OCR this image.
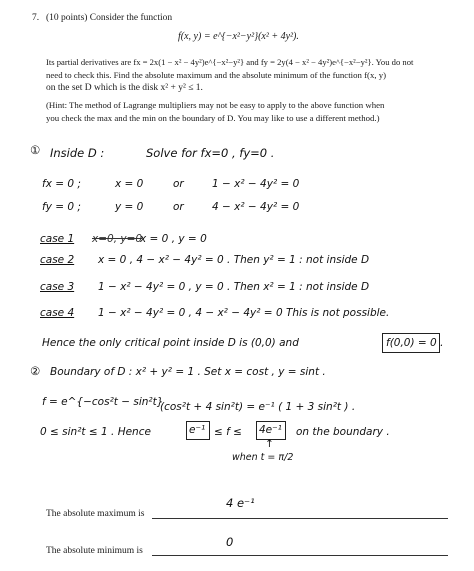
7. (10 points) Consider the function
f(x, y) = e^{−x²−y²}(x² + 4y²).
Its partial derivatives are fx = 2x(1 − x² − 4y²)e^{−x²−y²} and fy = 2y(4 − x² − 4y²)e^{−x²−y²}. You do not
need to check this. Find the absolute maximum and the absolute minimum of the function f(x, y)
on the set D which is the disk x² + y² ≤ 1.
(Hint: The method of Lagrange multipliers may not be easy to apply to the above function when
you check the max and the min on the boundary of D. You may like to use a different method.)
① Inside D :	Solve for fx=0 , fy=0 .
fx = 0 ;	x = 0	or	1 − x² − 4y² = 0
fy = 0 ;	y = 0	or	4 − x² − 4y² = 0
case 1 x=0, y=0
x = 0 , y = 0
case 2 x = 0 , 4 − x² − 4y² = 0 . Then y² = 1 : not inside D
case 3 1 − x² − 4y² = 0 , y = 0 . Then x² = 1 : not inside D
case 4 1 − x² − 4y² = 0 , 4 − x² − 4y² = 0 This is not possible.
Hence the only critical point inside D is (0,0) and	f(0,0) = 0 .
② Boundary of D : x² + y² = 1 . Set x = cost , y = sint .
f = e^{−cos²t − sin²t}
(cos²t + 4 sin²t) = e⁻¹ ( 1 + 3 sin²t ) .
0 ≤ sin²t ≤ 1 . Hence	e⁻¹ ≤ f ≤ 4e⁻¹ on the boundary .
↑
when t = π/2
The absolute maximum is
4 e⁻¹
The absolute minimum is
0
